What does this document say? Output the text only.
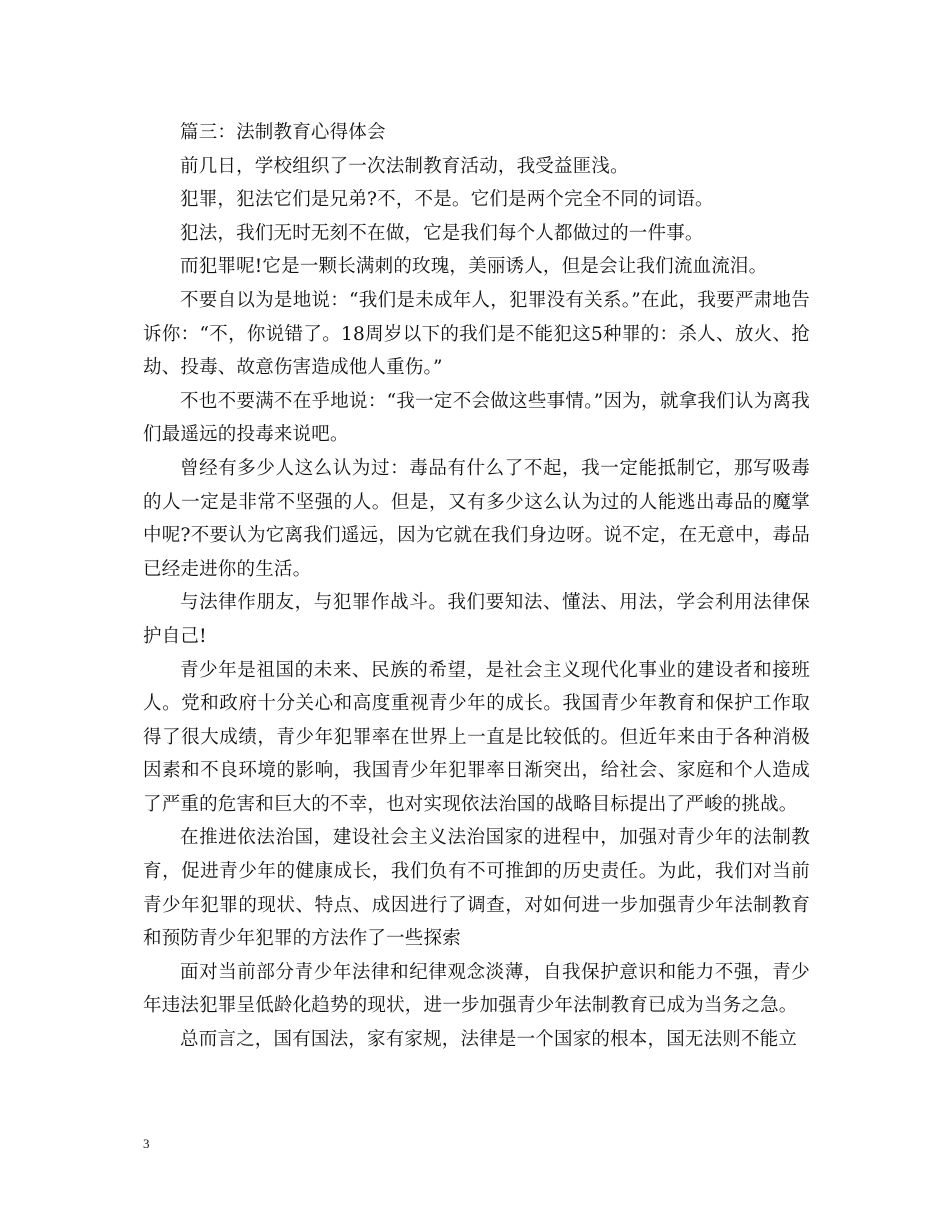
篇三：法制教育心得体会

前几日，学校组织了一次法制教育活动，我受益匪浅。

犯罪，犯法它们是兄弟?不，不是。它们是两个完全不同的词语。

犯法，我们无时无刻不在做，它是我们每个人都做过的一件事。

而犯罪呢!它是一颗长满刺的玫瑰，美丽诱人，但是会让我们流血流泪。

不要自以为是地说：“我们是未成年人，犯罪没有关系。”在此，我要严肃地告诉你：“不，你说错了。18周岁以下的我们是不能犯这5种罪的：杀人、放火、抢劫、投毒、故意伤害造成他人重伤。”

不也不要满不在乎地说：“我一定不会做这些事情。”因为，就拿我们认为离我们最遥远的投毒来说吧。

曾经有多少人这么认为过：毒品有什么了不起，我一定能抵制它，那写吸毒的人一定是非常不坚强的人。但是，又有多少这么认为过的人能逃出毒品的魔掌中呢?不要认为它离我们遥远，因为它就在我们身边呀。说不定，在无意中，毒品已经走进你的生活。

与法律作朋友，与犯罪作战斗。我们要知法、懂法、用法，学会利用法律保护自己!

青少年是祖国的未来、民族的希望，是社会主义现代化事业的建设者和接班人。党和政府十分关心和高度重视青少年的成长。我国青少年教育和保护工作取得了很大成绩，青少年犯罪率在世界上一直是比较低的。但近年来由于各种消极因素和不良环境的影响，我国青少年犯罪率日渐突出，给社会、家庭和个人造成了严重的危害和巨大的不幸，也对实现依法治国的战略目标提出了严峻的挑战。

在推进依法治国，建设社会主义法治国家的进程中，加强对青少年的法制教育，促进青少年的健康成长，我们负有不可推卸的历史责任。为此，我们对当前青少年犯罪的现状、特点、成因进行了调查，对如何进一步加强青少年法制教育和预防青少年犯罪的方法作了一些探索

面对当前部分青少年法律和纪律观念淡薄，自我保护意识和能力不强，青少年违法犯罪呈低龄化趋势的现状，进一步加强青少年法制教育已成为当务之急。

总而言之，国有国法，家有家规，法律是一个国家的根本，国无法则不能立

3
